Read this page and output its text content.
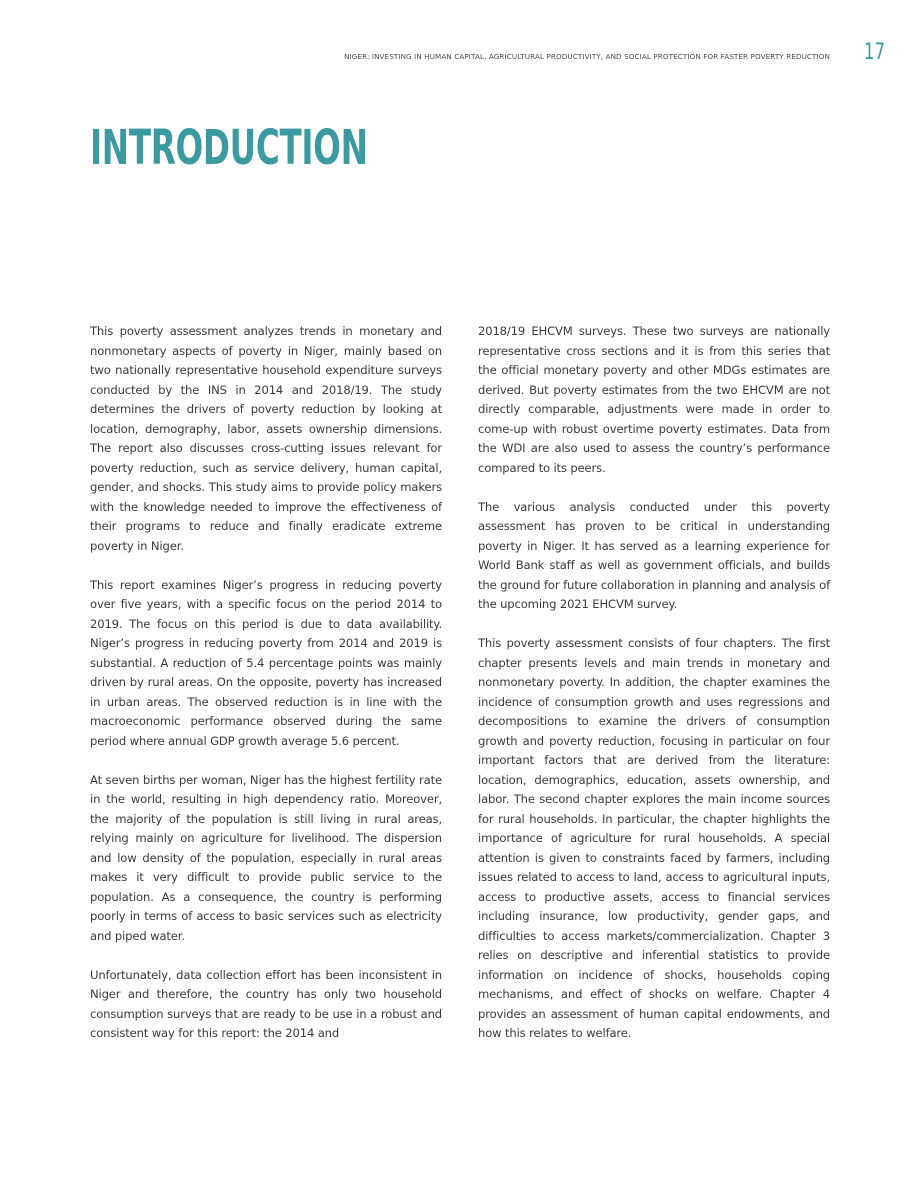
NIGER: INVESTING IN HUMAN CAPITAL, AGRICULTURAL PRODUCTIVITY, AND SOCIAL PROTECTION FOR FASTER POVERTY REDUCTION 17
INTRODUCTION

This poverty assessment analyzes trends in monetary and nonmonetary aspects of poverty in Niger, mainly based on two nationally representative household expenditure surveys conducted by the INS in 2014 and 2018/19. The study determines the drivers of poverty reduction by looking at location, demography, labor, assets ownership dimensions. The report also discusses cross-cutting issues relevant for poverty reduction, such as service delivery, human capital, gender, and shocks. This study aims to provide policy makers with the knowledge needed to improve the effectiveness of their programs to reduce and finally eradicate extreme poverty in Niger.

This report examines Niger’s progress in reducing poverty over five years, with a specific focus on the period 2014 to 2019. The focus on this period is due to data availability. Niger’s progress in reducing poverty from 2014 and 2019 is substantial. A reduction of 5.4 percentage points was mainly driven by rural areas. On the opposite, poverty has increased in urban areas. The observed reduction is in line with the macroeconomic performance observed during the same period where annual GDP growth average 5.6 percent.

At seven births per woman, Niger has the highest fertility rate in the world, resulting in high dependency ratio. Moreover, the majority of the population is still living in rural areas, relying mainly on agriculture for livelihood. The dispersion and low density of the population, especially in rural areas makes it very difficult to provide public service to the population. As a consequence, the country is performing poorly in terms of access to basic services such as electricity and piped water.

Unfortunately, data collection effort has been inconsistent in Niger and therefore, the country has only two household consumption surveys that are ready to be use in a robust and consistent way for this report: the 2014 and

2018/19 EHCVM surveys. These two surveys are nationally representative cross sections and it is from this series that the official monetary poverty and other MDGs estimates are derived. But poverty estimates from the two EHCVM are not directly comparable, adjustments were made in order to come-up with robust overtime poverty estimates. Data from the WDI are also used to assess the country’s performance compared to its peers.

The various analysis conducted under this poverty assessment has proven to be critical in understanding poverty in Niger. It has served as a learning experience for World Bank staff as well as government officials, and builds the ground for future collaboration in planning and analysis of the upcoming 2021 EHCVM survey.

This poverty assessment consists of four chapters. The first chapter presents levels and main trends in monetary and nonmonetary poverty. In addition, the chapter examines the incidence of consumption growth and uses regressions and decompositions to examine the drivers of consumption growth and poverty reduction, focusing in particular on four important factors that are derived from the literature: location, demographics, education, assets ownership, and labor. The second chapter explores the main income sources for rural households. In particular, the chapter highlights the importance of agriculture for rural households. A special attention is given to constraints faced by farmers, including issues related to access to land, access to agricultural inputs, access to productive assets, access to financial services including insurance, low productivity, gender gaps, and difficulties to access markets/commercialization. Chapter 3 relies on descriptive and inferential statistics to provide information on incidence of shocks, households coping mechanisms, and effect of shocks on welfare. Chapter 4 provides an assessment of human capital endowments, and how this relates to welfare.
